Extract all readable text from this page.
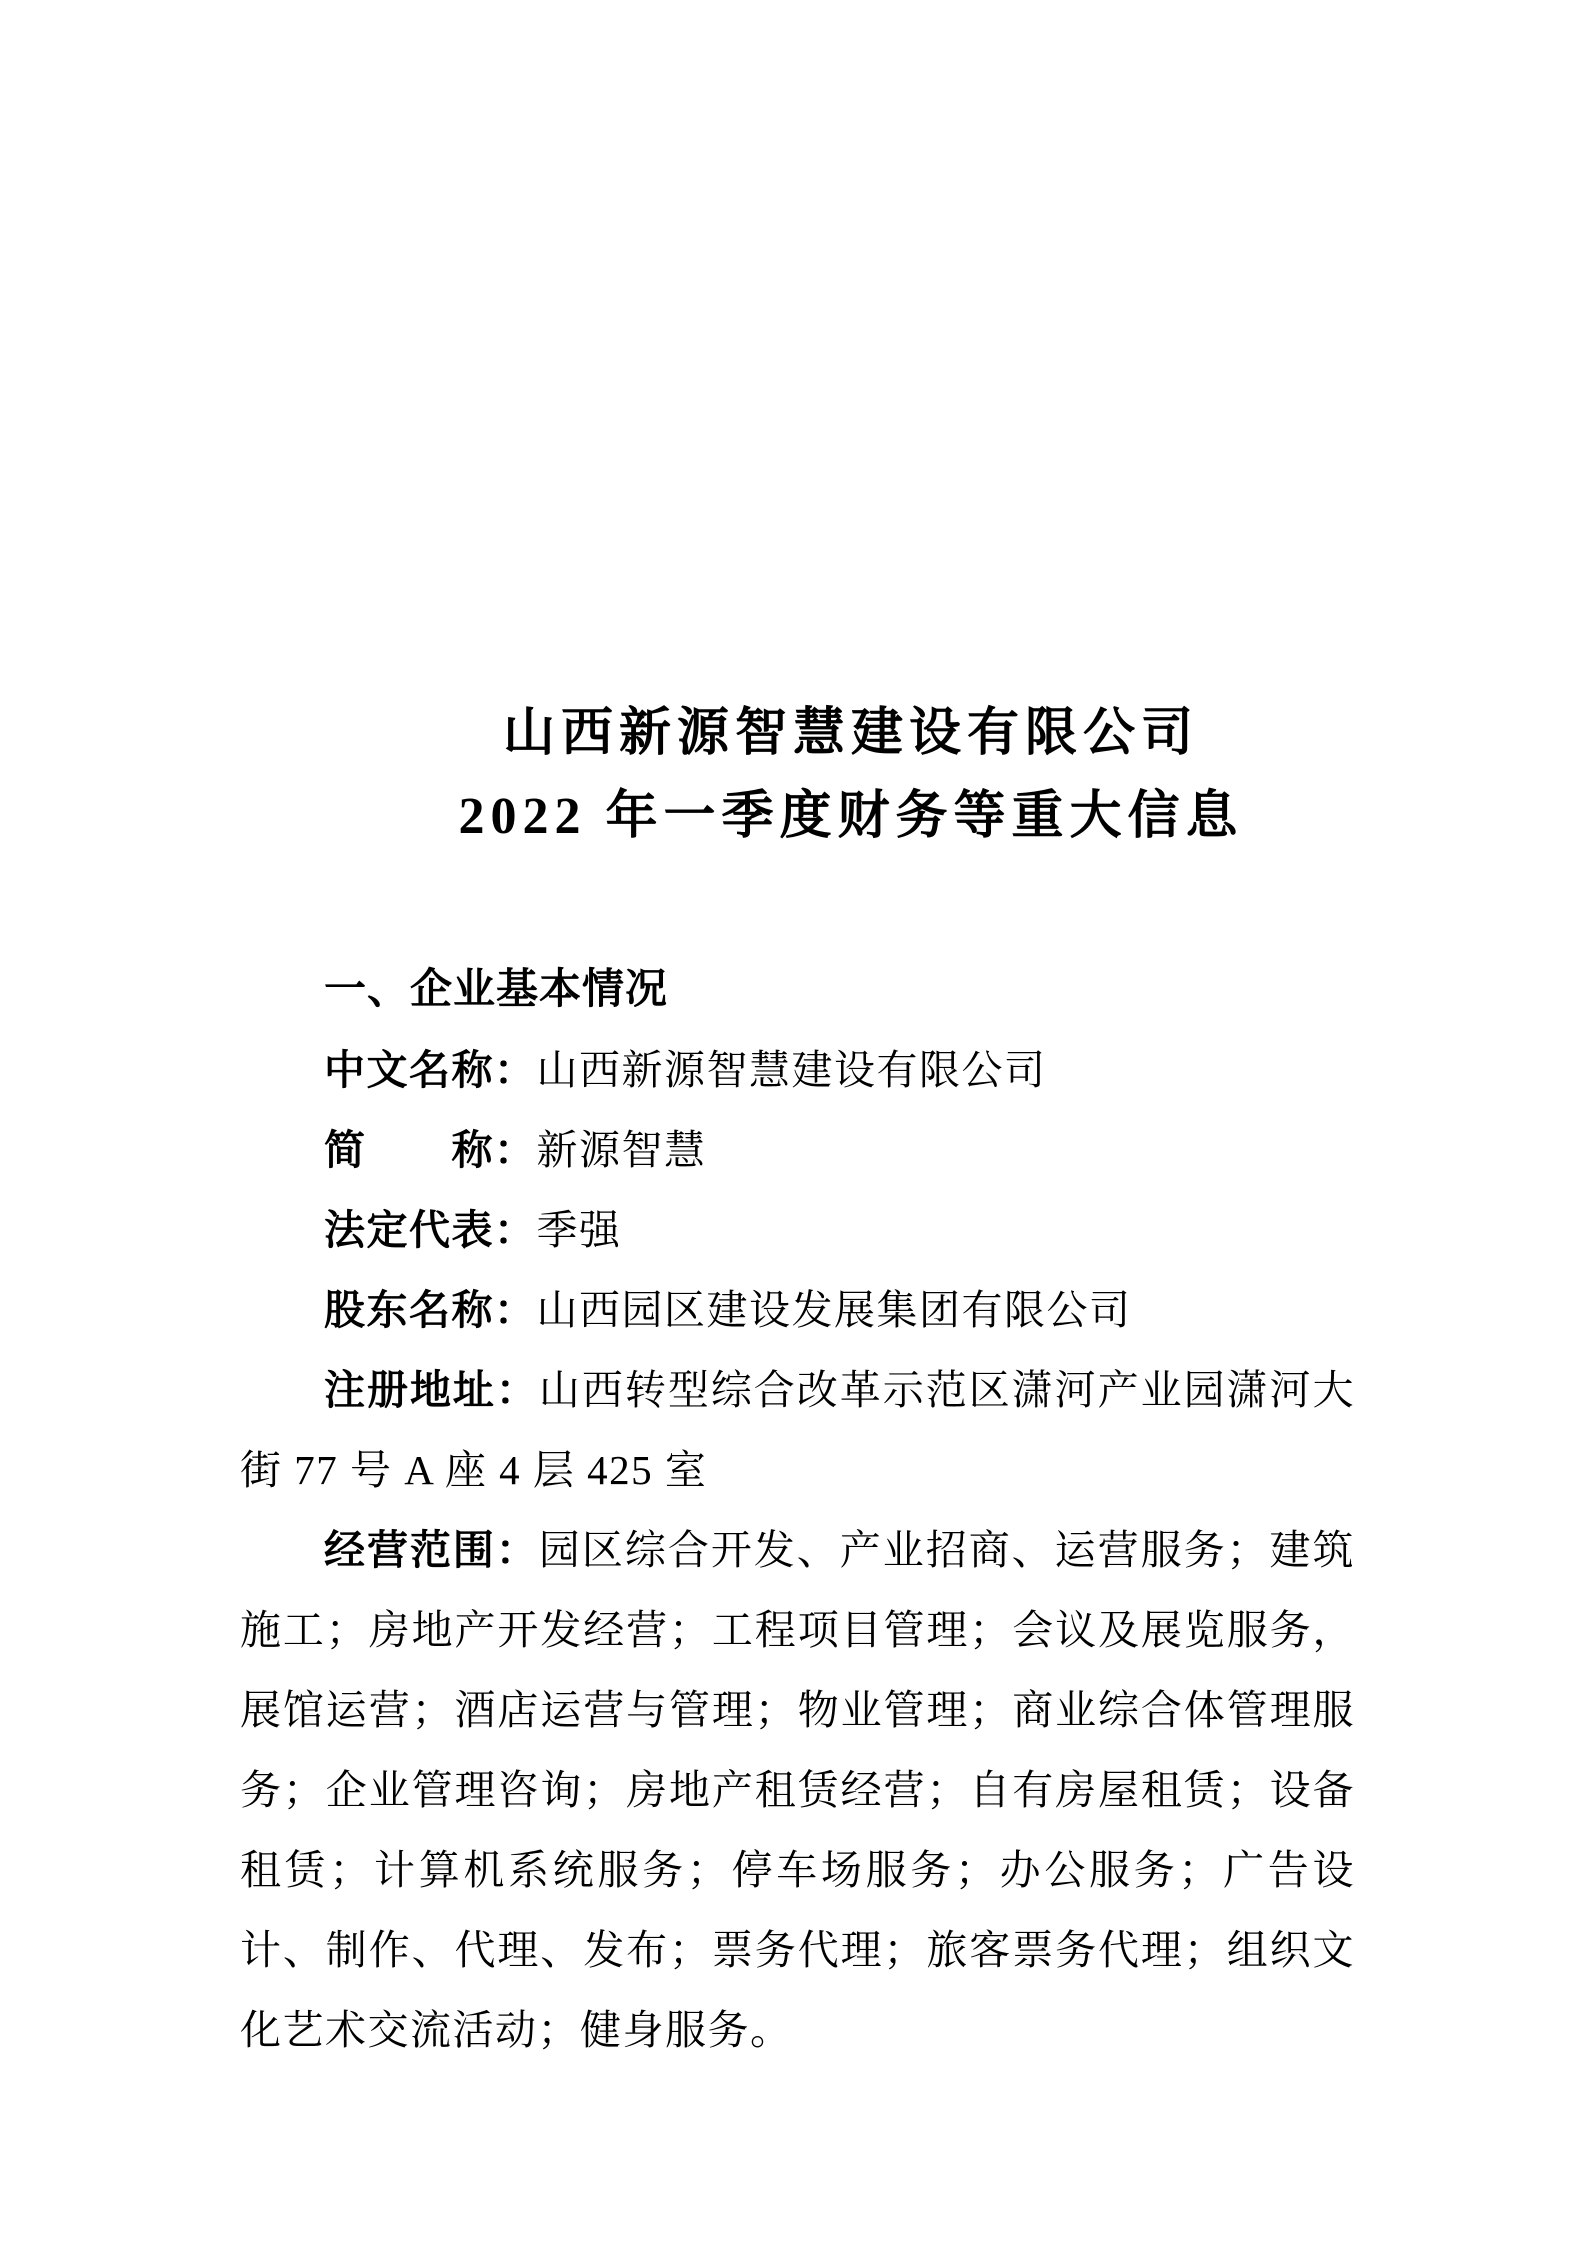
山西新源智慧建设有限公司
2022 年一季度财务等重大信息
一、企业基本情况

中文名称：山西新源智慧建设有限公司

简　　称：新源智慧

法定代表：季强

股东名称：山西园区建设发展集团有限公司

注册地址：山西转型综合改革示范区潇河产业园潇河大街 77 号 A 座 4 层 425 室

经营范围：园区综合开发、产业招商、运营服务；建筑施工；房地产开发经营；工程项目管理；会议及展览服务，展馆运营；酒店运营与管理；物业管理；商业综合体管理服务；企业管理咨询；房地产租赁经营；自有房屋租赁；设备租赁；计算机系统服务；停车场服务；办公服务；广告设计、制作、代理、发布；票务代理；旅客票务代理；组织文化艺术交流活动；健身服务。
